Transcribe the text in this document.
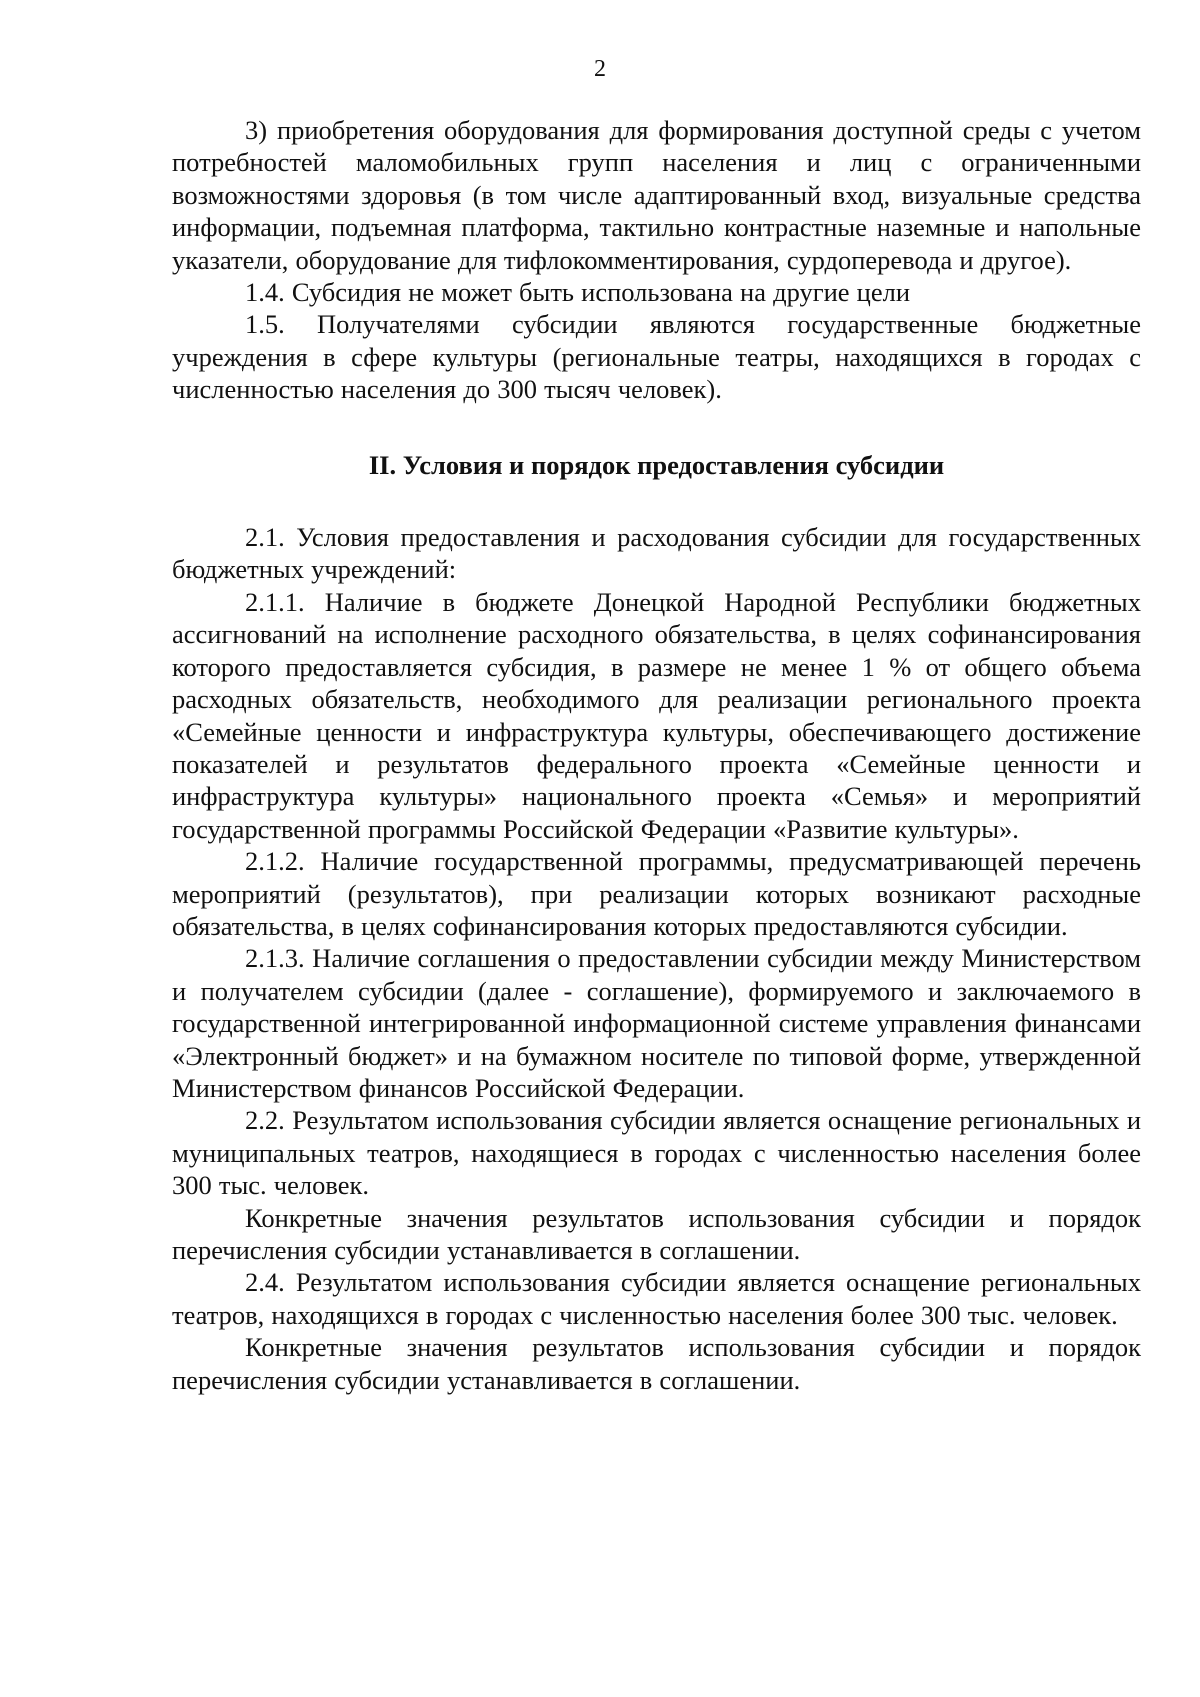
2

3) приобретения оборудования для формирования доступной среды с учетом потребностей маломобильных групп населения и лиц с ограниченными возможностями здоровья (в том числе адаптированный вход, визуальные средства информации, подъемная платформа, тактильно контрастные наземные и напольные указатели, оборудование для тифлокомментирования, сурдоперевода и другое).

1.4. Субсидия не может быть использована на другие цели

1.5. Получателями субсидии являются государственные бюджетные учреждения в сфере культуры (региональные театры, находящихся в городах с численностью населения до 300 тысяч человек).

II. Условия и порядок предоставления субсидии

2.1. Условия предоставления и расходования субсидии для государственных бюджетных учреждений:

2.1.1. Наличие в бюджете Донецкой Народной Республики бюджетных ассигнований на исполнение расходного обязательства, в целях софинансирования которого предоставляется субсидия, в размере не менее 1 % от общего объема расходных обязательств, необходимого для реализации регионального проекта «Семейные ценности и инфраструктура культуры, обеспечивающего достижение показателей и результатов федерального проекта «Семейные ценности и инфраструктура культуры» национального проекта «Семья» и мероприятий государственной программы Российской Федерации «Развитие культуры».

2.1.2. Наличие государственной программы, предусматривающей перечень мероприятий (результатов), при реализации которых возникают расходные обязательства, в целях софинансирования которых предоставляются субсидии.

2.1.3. Наличие соглашения о предоставлении субсидии между Министерством и получателем субсидии (далее - соглашение), формируемого и заключаемого в государственной интегрированной информационной системе управления финансами «Электронный бюджет» и на бумажном носителе по типовой форме, утвержденной Министерством финансов Российской Федерации.

2.2. Результатом использования субсидии является оснащение региональных и муниципальных театров, находящиеся в городах с численностью населения более 300 тыс. человек.

Конкретные значения результатов использования субсидии и порядок перечисления субсидии устанавливается в соглашении.

2.4. Результатом использования субсидии является оснащение региональных театров, находящихся в городах с численностью населения более 300 тыс. человек.

Конкретные значения результатов использования субсидии и порядок перечисления субсидии устанавливается в соглашении.
